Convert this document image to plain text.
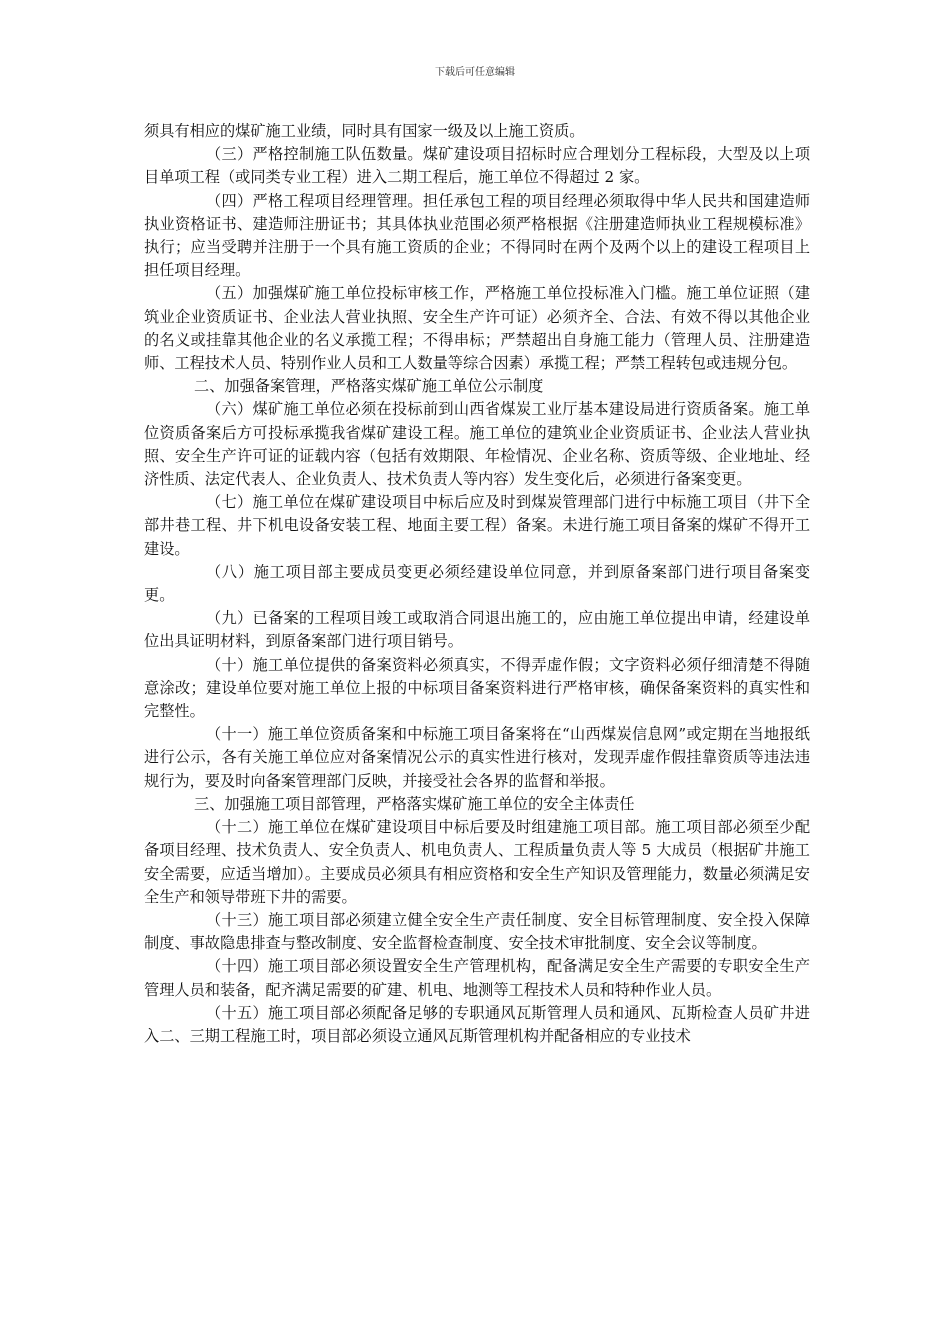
下载后可任意编辑

须具有相应的煤矿施工业绩，同时具有国家一级及以上施工资质。

（三）严格控制施工队伍数量。煤矿建设项目招标时应合理划分工程标段，大型及以上项目单项工程（或同类专业工程）进入二期工程后，施工单位不得超过 2 家。

（四）严格工程项目经理管理。担任承包工程的项目经理必须取得中华人民共和国建造师执业资格证书、建造师注册证书；其具体执业范围必须严格根据《注册建造师执业工程规模标准》执行；应当受聘并注册于一个具有施工资质的企业；不得同时在两个及两个以上的建设工程项目上担任项目经理。

（五）加强煤矿施工单位投标审核工作，严格施工单位投标准入门槛。施工单位证照（建筑业企业资质证书、企业法人营业执照、安全生产许可证）必须齐全、合法、有效不得以其他企业的名义或挂靠其他企业的名义承揽工程；不得串标；严禁超出自身施工能力（管理人员、注册建造师、工程技术人员、特别作业人员和工人数量等综合因素）承揽工程；严禁工程转包或违规分包。

二、加强备案管理，严格落实煤矿施工单位公示制度

（六）煤矿施工单位必须在投标前到山西省煤炭工业厅基本建设局进行资质备案。施工单位资质备案后方可投标承揽我省煤矿建设工程。施工单位的建筑业企业资质证书、企业法人营业执照、安全生产许可证的证载内容（包括有效期限、年检情况、企业名称、资质等级、企业地址、经济性质、法定代表人、企业负责人、技术负责人等内容）发生变化后，必须进行备案变更。

（七）施工单位在煤矿建设项目中标后应及时到煤炭管理部门进行中标施工项目（井下全部井巷工程、井下机电设备安装工程、地面主要工程）备案。未进行施工项目备案的煤矿不得开工建设。

（八）施工项目部主要成员变更必须经建设单位同意，并到原备案部门进行项目备案变更。

（九）已备案的工程项目竣工或取消合同退出施工的，应由施工单位提出申请，经建设单位出具证明材料，到原备案部门进行项目销号。

（十）施工单位提供的备案资料必须真实，不得弄虚作假；文字资料必须仔细清楚不得随意涂改；建设单位要对施工单位上报的中标项目备案资料进行严格审核，确保备案资料的真实性和完整性。

（十一）施工单位资质备案和中标施工项目备案将在“山西煤炭信息网”或定期在当地报纸进行公示，各有关施工单位应对备案情况公示的真实性进行核对，发现弄虚作假挂靠资质等违法违规行为，要及时向备案管理部门反映，并接受社会各界的监督和举报。

三、加强施工项目部管理，严格落实煤矿施工单位的安全主体责任

（十二）施工单位在煤矿建设项目中标后要及时组建施工项目部。施工项目部必须至少配备项目经理、技术负责人、安全负责人、机电负责人、工程质量负责人等 5 大成员（根据矿井施工安全需要，应适当增加）。主要成员必须具有相应资格和安全生产知识及管理能力，数量必须满足安全生产和领导带班下井的需要。

（十三）施工项目部必须建立健全安全生产责任制度、安全目标管理制度、安全投入保障制度、事故隐患排查与整改制度、安全监督检查制度、安全技术审批制度、安全会议等制度。

（十四）施工项目部必须设置安全生产管理机构，配备满足安全生产需要的专职安全生产管理人员和装备，配齐满足需要的矿建、机电、地测等工程技术人员和特种作业人员。

（十五）施工项目部必须配备足够的专职通风瓦斯管理人员和通风、瓦斯检查人员矿井进入二、三期工程施工时，项目部必须设立通风瓦斯管理机构并配备相应的专业技术
